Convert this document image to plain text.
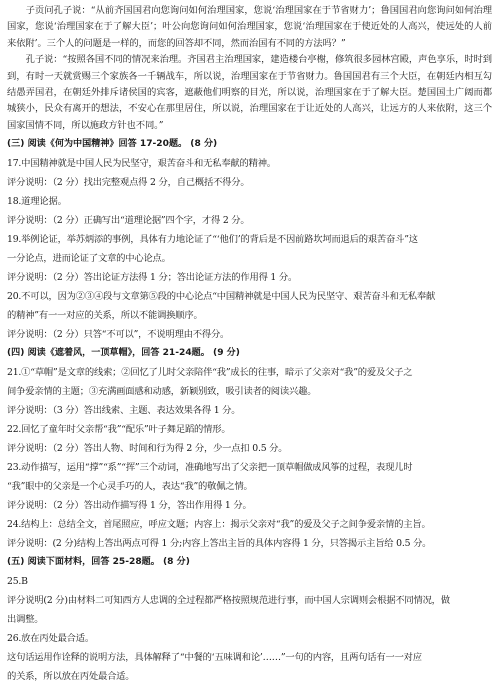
子贡问孔子说：“从前齐国国君向您询问如何治理国家，您说‘治理国家在于节省财力’；鲁国国君向您询问如何治理国家，您说‘治理国家在于了解大臣’；叶公向您询问如何治理国家，您说‘治理国家在于使近处的人高兴，使远处的人前来依附’。三个人的问题是一样的，而您的回答却不同，然而治国有不同的方法吗？”

孔子说：“按照各国不同的情况来治理。齐国君主治理国家，建造楼台亭榭，修筑很多园林宫殿，声色享乐，时时到到，有时一天就赏赐三个家族各一千辆战车，所以说，治理国家在于节省财力。鲁国国君有三个大臣，在朝廷内相互勾结愚弄国君，在朝廷外排斥诸侯国的宾客，遮蔽他们明察的目光，所以说，治理国家在于了解大臣。楚国国土广阔而都城狭小，民众有离开的想法，不安心在那里居住，所以说，治理国家在于让近处的人高兴，让远方的人来依附，这三个国家国情不同，所以施政方针也不同。”

(三) 阅读《何为中国精神》回答 17-20题。 (8 分)
17.中国精神就是中国人民为民坚守，艰苦奋斗和无私奉献的精神。
评分说明：（2 分）找出完整观点得 2 分，自己概括不得分。
18.道理论据。
评分说明：（2 分）正确写出“道理论据”四个字，才得 2 分。
19.举例论证，举苏炳添的事例，具体有力地论证了“‘他们’的背后是不因前路坎坷而退后的艰苦奋斗”这
一分论点，进而论证了文章的中心论点。
评分说明：（2 分）答出论证方法得 1 分；答出论证方法的作用得 1 分。
20.不可以，因为②③④段与文章第⑤段的中心论点“中国精神就是中国人民为民坚守、艰苦奋斗和无私奉献
的精神”有一一对应的关系，所以不能调换顺序。
评分说明：（2 分）只答“不可以”，不说明理由不得分。
(四) 阅读《遮着风，一顶草帽》，回答 21-24题。 (9 分)
21.①“草帽”是文章的线索；②回忆了儿时父亲陪伴“我”成长的往事，暗示了父亲对“我”的爱及父子之
间争爱亲情的主题；③充满画面感和动感，新颖别致，吸引读者的阅读兴趣。
评分说明：（3 分）答出线索、主题、表达效果各得 1 分。
22.回忆了童年时父亲帮“我”“配乐”叶子舞足蹈的情形。
评分说明：（2 分）答出人物、时间和行为得 2 分，少一点扣 0.5 分。
23.动作描写，运用“撑”“系”“挥”三个动词，准确地写出了父亲把一顶草帽做成风筝的过程，表现儿时
“我”眼中的父亲是一个心灵手巧的人，表达“我”的敬佩之情。
评分说明：（2 分）答出动作描写得 1 分，答出作用得 1 分。
24.结构上：总结全文，首尾照应，呼应文题；内容上：揭示父亲对“我”的爱及父子之间争爱亲情的主旨。
评分说明：(2 分)结构上答出两点可得 1 分;内容上答出主旨的具体内容得 1 分，只答揭示主旨给 0.5 分。
(五) 阅读下面材料，回答 25-28题。 (8 分)
25.B
评分说明(2 分)由材料二可知西方人忠调的全过程都严格按照规范进行事，而中国人宗调则会根据不同情况，做
出调整。
26.放在丙处最合适。
这句话运用作诠释的说明方法，具体解释了“中餐的‘五味调和论’……”一句的内容，且两句话有一一对应
的关系，所以放在丙处最合适。
